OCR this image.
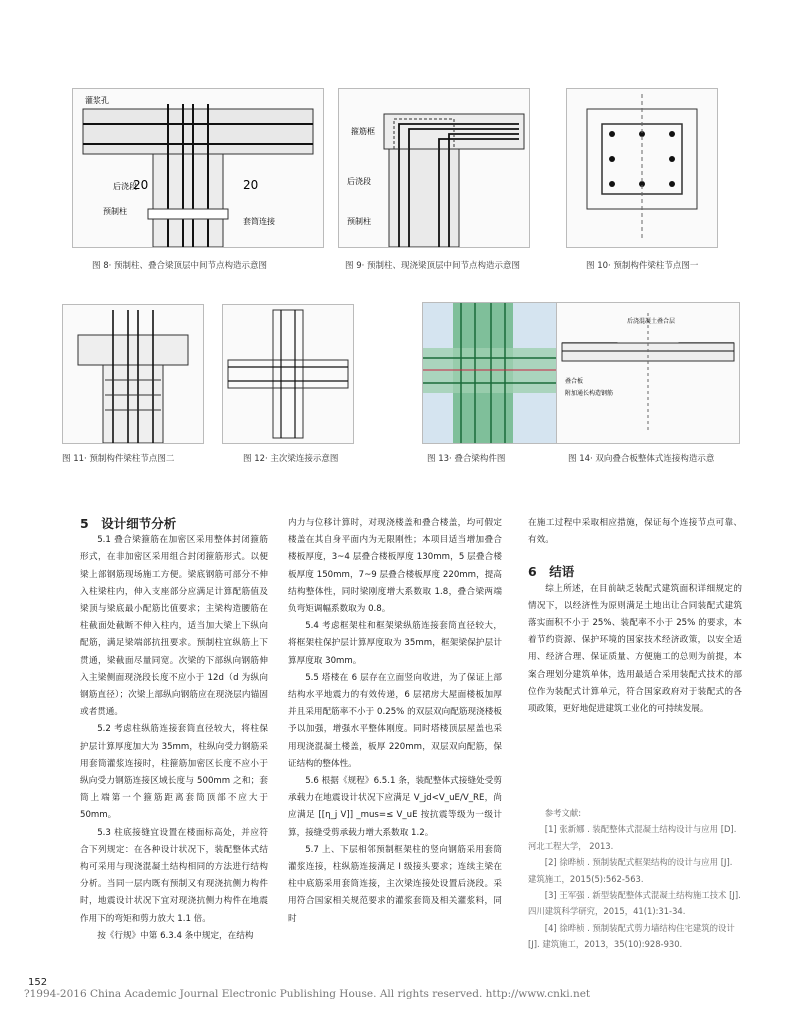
灌浆孔
后浇段
预制柱
20	20
套筒连接
箍筋框
后浇段
预制柱
图 8· 预制柱、叠合梁顶层中间节点构造示意图	图 9· 预制柱、现浇梁顶层中间节点构造示意图	图 10· 预制构件梁柱节点图一
后浇混凝土叠合层
叠合板
附加通长构造钢筋
图 11· 预制构件梁柱节点图二	图 12· 主次梁连接示意图	图 13· 叠合梁构件图	图 14· 双向叠合板整体式连接构造示意

5　设计细节分析

5.1 叠合梁箍筋在加密区采用整体封闭箍筋形式，在非加密区采用组合封闭箍筋形式。以便梁上部钢筋现场施工方便。梁底钢筋可部分不伸入柱梁柱内，伸入支座部分应满足计算配筋值及梁顶与梁底最小配筋比值要求；主梁构造腰筋在柱截面处截断不伸入柱内，适当加大梁上下纵向配筋，满足梁端部抗扭要求。预制柱宜纵筋上下贯通，梁截面尽量同宽。次梁的下部纵向钢筋伸入主梁侧面现浇段长度不应小于 12d（d 为纵向钢筋直径）；次梁上部纵向钢筋应在现浇层内锚固或者贯通。

5.2 考虑柱纵筋连接套筒直径较大，将柱保护层计算厚度加大为 35mm，柱纵向受力钢筋采用套筒灌浆连接时，柱箍筋加密区长度不应小于纵向受力钢筋连接区域长度与 500mm 之和；套筒上端第一个箍筋距离套筒顶部不应大于 50mm。

5.3 柱底接缝宜设置在楼面标高处，并应符合下列规定：在各种设计状况下，装配整体式结构可采用与现浇混凝土结构相同的方法进行结构分析。当同一层内既有预制又有现浇抗侧力构件时，地震设计状况下宜对现浇抗侧力构件在地震作用下的弯矩和剪力放大 1.1 倍。

按《行规》中第 6.3.4 条中规定，在结构

内力与位移计算时，对现浇楼盖和叠合楼盖，均可假定楼盖在其自身平面内为无限刚性；本项目适当增加叠合楼板厚度，3~4 层叠合楼板厚度 130mm，5 层叠合楼板厚度 150mm，7~9 层叠合楼板厚度 220mm，提高结构整体性，同时梁刚度增大系数取 1.8，叠合梁两端负弯矩调幅系数取为 0.8。

5.4 考虑框架柱和框架梁纵筋连接套筒直径较大，将框架柱保护层计算厚度取为 35mm，框架梁保护层计算厚度取 30mm。

5.5 塔楼在 6 层存在立面竖向收进，为了保证上部结构水平地震力的有效传递，6 层裙房大屋面楼板加厚并且采用配筋率不小于 0.25% 的双层双向配筋现浇楼板予以加强，增强水平整体刚度。同时塔楼顶层屋盖也采用现浇混凝土楼盖，板厚 220mm，双层双向配筋，保证结构的整体性。

5.6 根据《规程》6.5.1 条，装配整体式接缝处受剪承载力在地震设计状况下应满足 V_jd<V_uE/V_RE，尚应满足 [[η_j V]] _mus=≤ V_uE 按抗震等级为一级计算，接缝受剪承载力增大系数取 1.2。

5.7 上、下层相邻预制框架柱的竖向钢筋采用套筒灌浆连接，柱纵筋连接满足 I 级接头要求；连续主梁在柱中底筋采用套筒连接，主次梁连接处设置后浇段。采用符合国家相关规范要求的灌浆套筒及相关灌浆料，同时

在施工过程中采取相应措施，保证每个连接节点可靠、有效。

6　结语

综上所述，在目前缺乏装配式建筑面积详细规定的情况下，以经济性为原则满足土地出让合同装配式建筑落实面积不小于 25%、装配率不小于 25% 的要求，本着节约资源、保护环境的国家技术经济政策，以安全适用、经济合理、保证质量、方便施工的总则为前提，本案合理划分建筑单体，选用最适合采用装配式技术的部位作为装配式计算单元，符合国家政府对于装配式的各项政策，更好地促进建筑工业化的可持续发展。

参考文献:

[1] 张新娜 . 装配整体式混凝土结构设计与应用 [D]. 河北工程大学， 2013.

[2] 徐晔桢 . 预制装配式框架结构的设计与应用 [J]. 建筑施工，2015(5):562-563.

[3] 王军强 . 新型装配整体式混凝土结构施工技术 [J]. 四川建筑科学研究，2015，41(1):31-34.

[4] 徐晔桢 . 预制装配式剪力墙结构住宅建筑的设计 [J]. 建筑施工，2013，35(10):928-930.

152
?1994-2016 China Academic Journal Electronic Publishing House. All rights reserved. http://www.cnki.net
